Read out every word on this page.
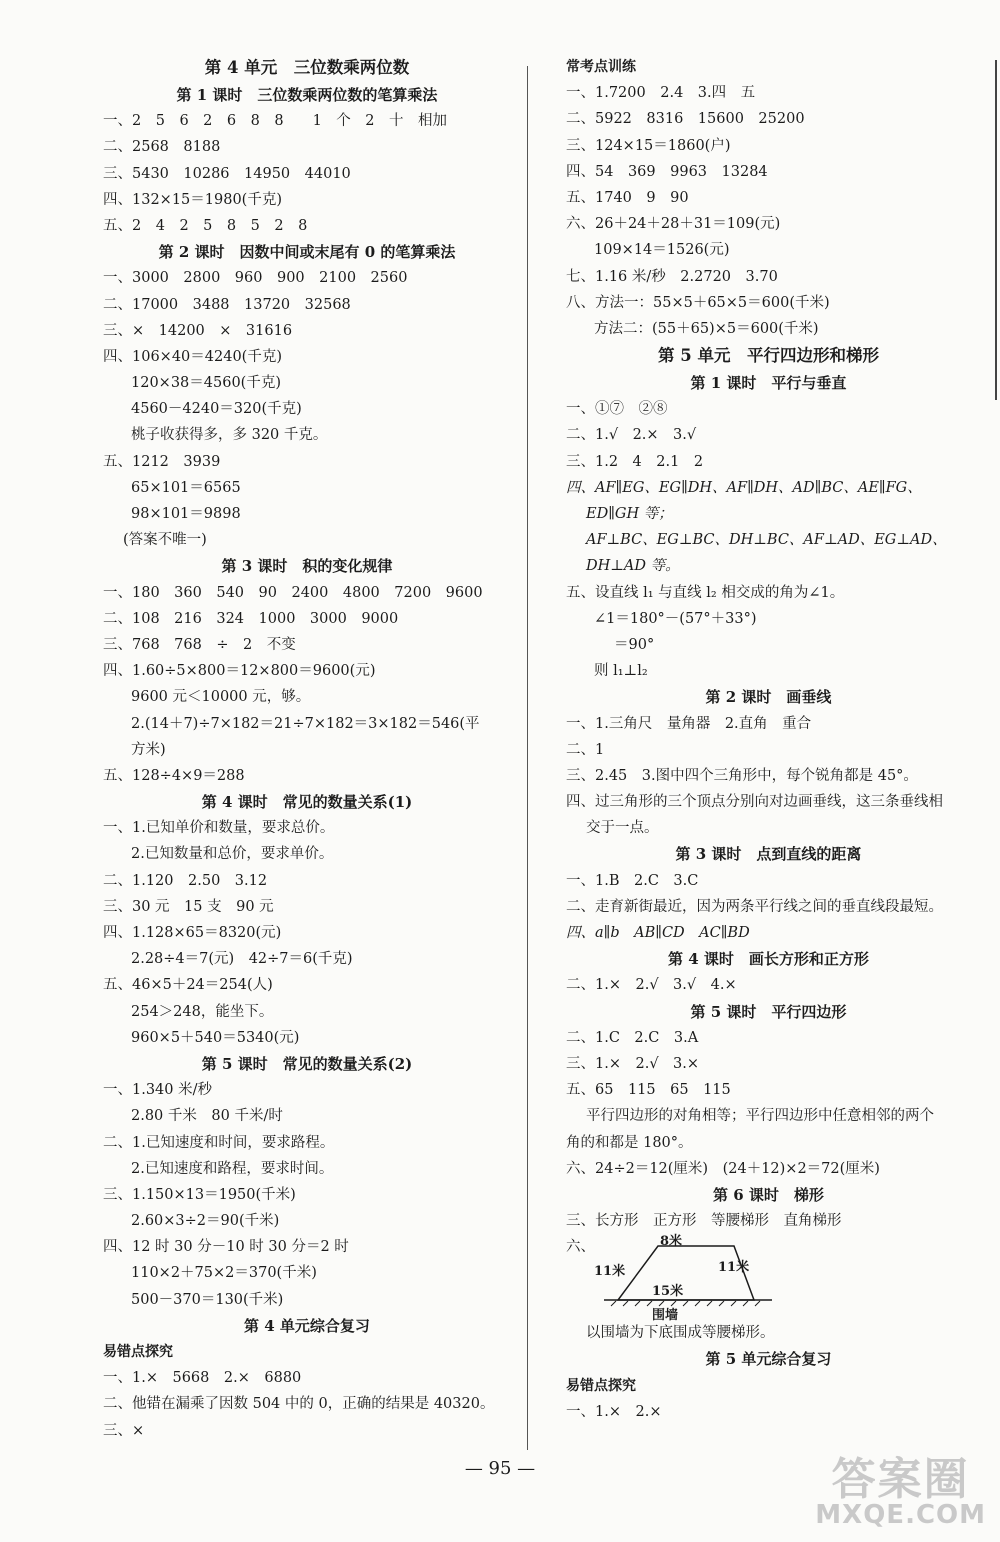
第 4 单元　三位数乘两位数
第 1 课时　三位数乘两位数的笔算乘法
一、2　5　6　2　6　8　8　　1　个　2　十　相加
二、2568　8188
三、5430　10286　14950　44010
四、132×15＝1980(千克)
五、2　4　2　5　8　5　2　8
第 2 课时　因数中间或末尾有 0 的笔算乘法
一、3000　2800　960　900　2100　2560
二、17000　3488　13720　32568
三、×　14200　×　31616
四、106×40＝4240(千克)
120×38＝4560(千克)
4560－4240＝320(千克)
桃子收获得多，多 320 千克。
五、1212　3939
65×101＝6565
98×101＝9898
(答案不唯一)
第 3 课时　积的变化规律
一、180　360　540　90　2400　4800　7200　9600
二、108　216　324　1000　3000　9000
三、768　768　÷　2　不变
四、1.60÷5×800＝12×800＝9600(元)
9600 元＜10000 元，够。
2.(14＋7)÷7×182＝21÷7×182＝3×182＝546(平
方米)
五、128÷4×9＝288
第 4 课时　常见的数量关系(1)
一、1.已知单价和数量，要求总价。
2.已知数量和总价，要求单价。
二、1.120　2.50　3.12
三、30 元　15 支　90 元
四、1.128×65＝8320(元)
2.28÷4＝7(元)　42÷7＝6(千克)
五、46×5＋24＝254(人)
254＞248，能坐下。
960×5＋540＝5340(元)
第 5 课时　常见的数量关系(2)
一、1.340 米/秒
2.80 千米　80 千米/时
二、1.已知速度和时间，要求路程。
2.已知速度和路程，要求时间。
三、1.150×13＝1950(千米)
2.60×3÷2＝90(千米)
四、12 时 30 分－10 时 30 分＝2 时
110×2＋75×2＝370(千米)
500－370＝130(千米)
第 4 单元综合复习
易错点探究
一、1.×　5668　2.×　6880
二、他错在漏乘了因数 504 中的 0，正确的结果是 40320。
三、×
常考点训练
一、1.7200　2.4　3.四　五
二、5922　8316　15600　25200
三、124×15＝1860(户)
四、54　369　9963　13284
五、1740　9　90
六、26＋24＋28＋31＝109(元)
109×14＝1526(元)
七、1.16 米/秒　2.2720　3.70
八、方法一：55×5＋65×5＝600(千米)
方法二：(55＋65)×5＝600(千米)
第 5 单元　平行四边形和梯形
第 1 课时　平行与垂直
一、①⑦　②⑧
二、1.√　2.×　3.√
三、1.2　4　2.1　2
四、AF∥EG、EG∥DH、AF∥DH、AD∥BC、AE∥FG、
ED∥GH 等；
AF⊥BC、EG⊥BC、DH⊥BC、AF⊥AD、EG⊥AD、
DH⊥AD 等。
五、设直线 l₁ 与直线 l₂ 相交成的角为∠1。
∠1＝180°－(57°＋33°)
＝90°
则 l₁⊥l₂
第 2 课时　画垂线
一、1.三角尺　量角器　2.直角　重合
二、1
三、2.45　3.图中四个三角形中，每个锐角都是 45°。
四、过三角形的三个顶点分别向对边画垂线，这三条垂线相
交于一点。
第 3 课时　点到直线的距离
一、1.B　2.C　3.C
二、走育新街最近，因为两条平行线之间的垂直线段最短。
四、a∥b　AB∥CD　AC∥BD
第 4 课时　画长方形和正方形
二、1.×　2.√　3.√　4.×
第 5 课时　平行四边形
二、1.C　2.C　3.A
三、1.×　2.√　3.×
五、65　115　65　115
平行四边形的对角相等；平行四边形中任意相邻的两个
角的和都是 180°。
六、24÷2＝12(厘米)　(24＋12)×2＝72(厘米)
第 6 课时　梯形
三、长方形　正方形　等腰梯形　直角梯形
六、	8米
11米	11米
15米
围墙
以围墙为下底围成等腰梯形。
第 5 单元综合复习
易错点探究
一、1.×　2.×
— 95 —	答案圈
MXQE.COM
